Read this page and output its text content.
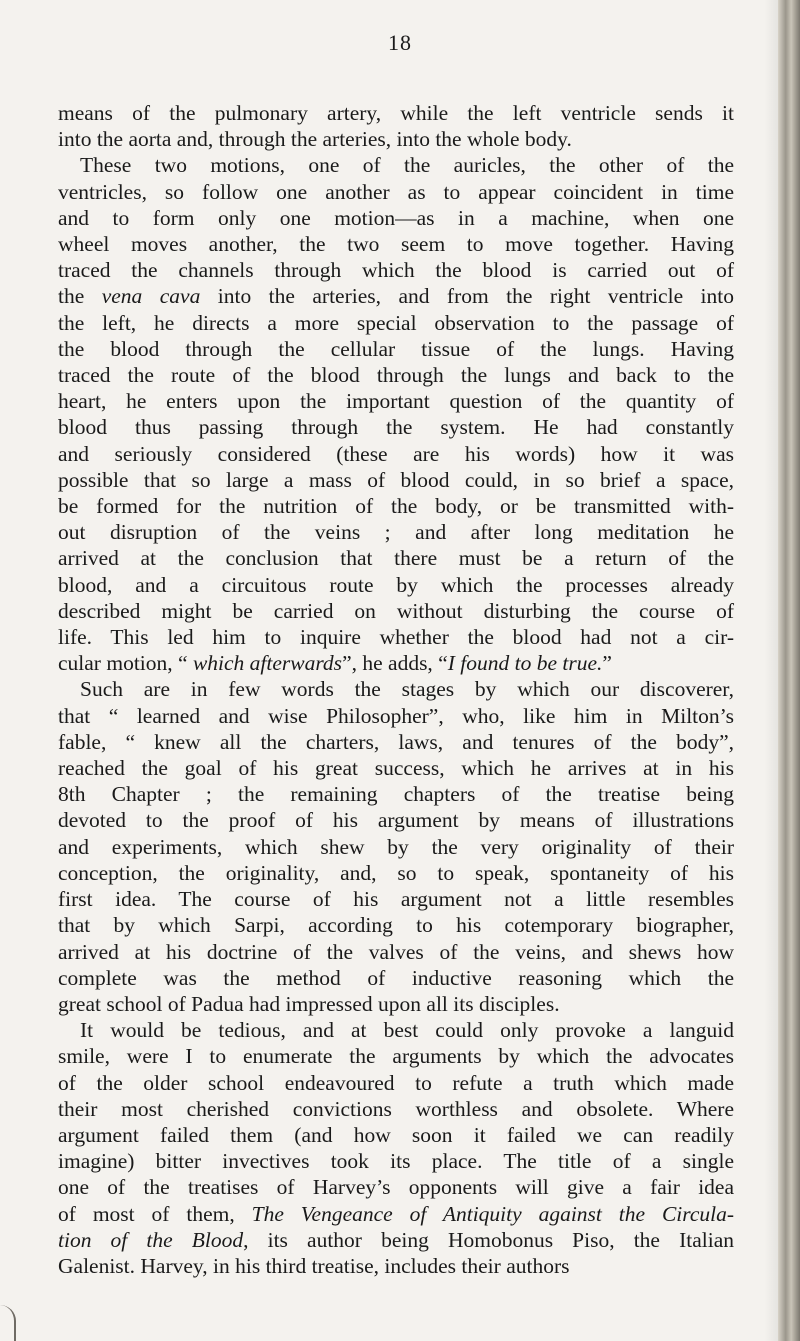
18
means of the pulmonary artery, while the left ventricle sends it
into the aorta and, through the arteries, into the whole body.
These two motions, one of the auricles, the other of the
ventricles, so follow one another as to appear coincident in time
and to form only one motion—as in a machine, when one
wheel moves another, the two seem to move together. Having
traced the channels through which the blood is carried out of
the vena cava into the arteries, and from the right ventricle into
the left, he directs a more special observation to the passage of
the blood through the cellular tissue of the lungs. Having
traced the route of the blood through the lungs and back to the
heart, he enters upon the important question of the quantity of
blood thus passing through the system. He had constantly
and seriously considered (these are his words) how it was
possible that so large a mass of blood could, in so brief a space,
be formed for the nutrition of the body, or be transmitted with-
out disruption of the veins ; and after long meditation he
arrived at the conclusion that there must be a return of the
blood, and a circuitous route by which the processes already
described might be carried on without disturbing the course of
life. This led him to inquire whether the blood had not a cir-
cular motion, “ which afterwards”, he adds, “I found to be true.”
Such are in few words the stages by which our discoverer,
that “ learned and wise Philosopher”, who, like him in Milton’s
fable, “ knew all the charters, laws, and tenures of the body”,
reached the goal of his great success, which he arrives at in his
8th Chapter ; the remaining chapters of the treatise being
devoted to the proof of his argument by means of illustrations
and experiments, which shew by the very originality of their
conception, the originality, and, so to speak, spontaneity of his
first idea. The course of his argument not a little resembles
that by which Sarpi, according to his cotemporary biographer,
arrived at his doctrine of the valves of the veins, and shews how
complete was the method of inductive reasoning which the
great school of Padua had impressed upon all its disciples.
It would be tedious, and at best could only provoke a languid
smile, were I to enumerate the arguments by which the advocates
of the older school endeavoured to refute a truth which made
their most cherished convictions worthless and obsolete. Where
argument failed them (and how soon it failed we can readily
imagine) bitter invectives took its place. The title of a single
one of the treatises of Harvey’s opponents will give a fair idea
of most of them, The Vengeance of Antiquity against the Circula-
tion of the Blood, its author being Homobonus Piso, the Italian
Galenist. Harvey, in his third treatise, includes their authors
